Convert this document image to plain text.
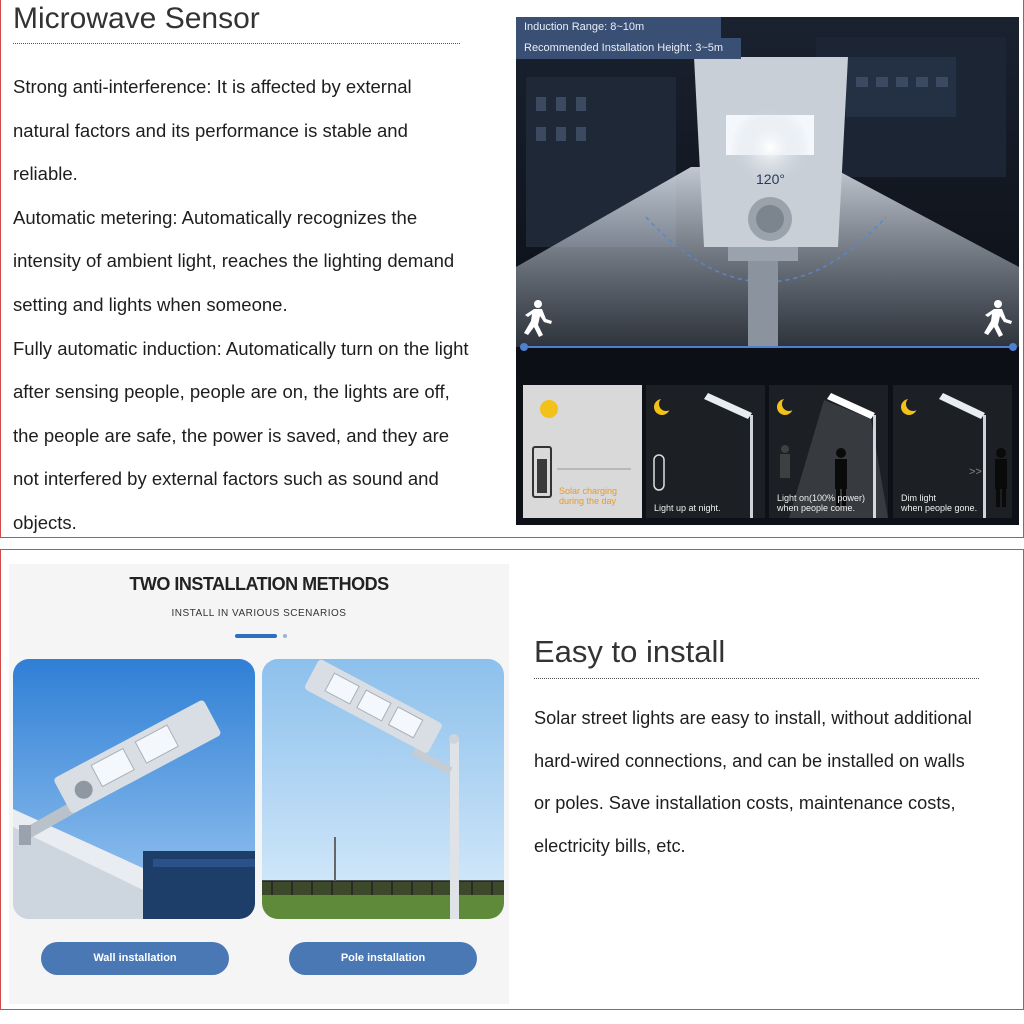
Microwave Sensor
Strong anti-interference: It is affected by external
natural factors and its performance is stable and
reliable.
Automatic metering: Automatically recognizes the
intensity of ambient light, reaches the lighting demand
setting and lights when someone.
Fully automatic induction: Automatically turn on the light
after sensing people, people are on, the lights are off,
the people are safe, the power is saved, and they are
not interfered by external factors such as sound and
objects.
120°
Induction Range: 8~10m
Recommended Installation Height: 3~5m
Solar charging
during the day
Light up at night.
Light on(100% power)
when people come.
>>
Dim light
when people gone.
TWO INSTALLATION METHODS
INSTALL IN VARIOUS SCENARIOS
Wall installation	Pole installation
Easy to install
Solar street lights are easy to install, without additional
hard-wired connections, and can be installed on walls
or poles. Save installation costs, maintenance costs,
electricity bills, etc.
